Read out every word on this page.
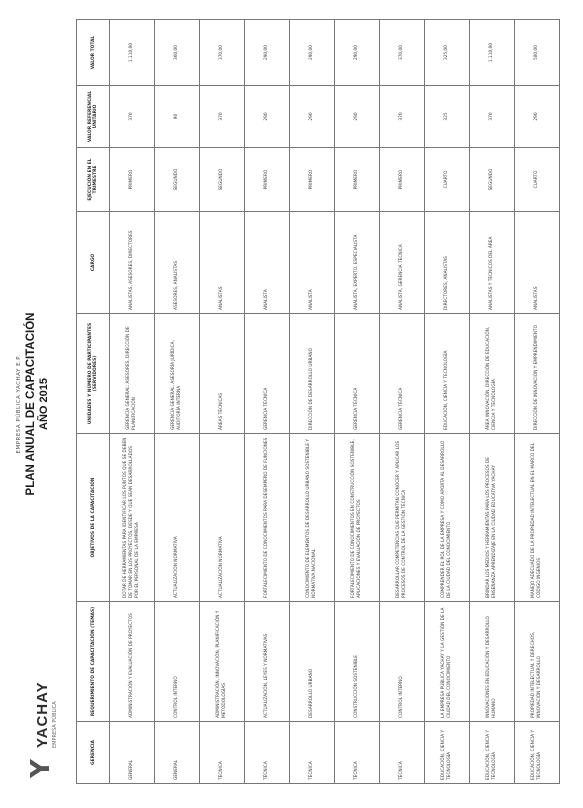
Y
YACHAY EMPRESA PÚBLICA
EMPRESA PÚBLICA YACHAY E.P. PLAN ANUAL DE CAPACITACIÓN AÑO 2015
GERENCIA	REQUERIMIENTO DE CAPACITACIÓN (TEMAS)	OBJETIVOS DE LA CAPACITACIÓN	UNIDADES Y NÚMERO DE PARTICIPANTES (SERVIDORES)	CARGO	EJECUCIÓN EN EL TRIMESTRE	VALOR REFERENCIAL UNITARIO	VALOR TOTAL
GENERAL	ADMINISTRACIÓN Y EVALUACIÓN DE PROYECTOS	DOTAR DE HERRAMIENTAS PARA IDENTIFICAR LOS PUNTOS QUE SE DEBEN DE TOMAR EN LOS PROYECTOS, DESDE Y QUE SEAN DESARROLLADOS POR EL PERSONAL DE LA EMPRESA	GERENCIA GENERAL: ASESORES, DIRECCIÓN DE PLANIFICACIÓN	ANALISTAS, ASESORES, DIRECTORES	PRIMERO	370	1.110,00
GENERAL	CONTROL INTERNO	ACTUALIZACIÓN NORMATIVA	GERENCIA GENERAL, ASESORÍA JURÍDICA, AUDITORÍA INTERNA	ASESORES, ANALISTAS	SEGUNDO	90	360,00
TÉCNICA	ADMINISTRACIÓN, INNOVACIÓN, PLANIFICACIÓN Y METODOLOGÍAS	ACTUALIZACIÓN NORMATIVA	ÁREAS TÉCNICAS	ANALISTAS	SEGUNDO	370	370,00
TÉCNICA	ACTUALIZACIÓN, LEYES Y NORMATIVAS	FORTALECIMIENTO DE CONOCIMIENTOS PARA DESEMPEÑO DE FUNCIONES	GERENCIA TÉCNICA	ANALISTA	PRIMERO	290	290,00
TÉCNICA	DESARROLLO URBANO	CONOCIMIENTO DE ELEMENTOS DE DESARROLLO URBANO SOSTENIBLE Y NORMATIVA NACIONAL	DIRECCIÓN DE DESARROLLO URBANO	ANALISTA	PRIMERO	290	290,00
TÉCNICA	CONSTRUCCIÓN SOSTENIBLE	FORTALECIMIENTO DE CONOCIMIENTOS EN CONSTRUCCIÓN SOSTENIBLE, APLICACIONES Y EVALUACIÓN DE PROYECTOS	GERENCIA TÉCNICA	ANALISTA, EXPERTO, ESPECIALISTA	PRIMERO	290	290,00
TÉCNICA	CONTROL INTERNO	DESARROLLAR COMPETENCIAS QUE PERMITAN CONOCER Y APLICAR LOS PROCESOS DE CONTROL DE LA GESTIÓN TÉCNICA	GERENCIA TÉCNICA	ANALISTA, GERENCIA TÉCNICA	PRIMERO	370	370,00
EDUCACIÓN, CIENCIA Y TECNOLOGÍA	LA EMPRESA PÚBLICA YACHAY Y LA GESTIÓN DE LA CIUDAD DEL CONOCIMIENTO	COMPRENDER EL ROL DE LA EMPRESA Y COMO APORTA AL DESARROLLO DE LA CIUDAD DEL CONOCIMIENTO	EDUCACIÓN, CIENCIA Y TECNOLOGÍA	DIRECTORES, ANALISTAS	CUARTO	325	325,00
EDUCACIÓN, CIENCIA Y TECNOLOGÍA	INNOVACIONES EN EDUCACIÓN Y DESARROLLO HUMANO	BRINDAR LOS MEDIOS Y HERRAMIENTAS PARA LOS PROCESOS DE ENSEÑANZA APRENDIZAJE EN LA CIUDAD EDUCATIVA YACHAY	ÁREA INNOVACIÓN, DIRECCIÓN DE EDUCACIÓN, CIENCIA Y TECNOLOGÍA	ANALISTAS Y TÉCNICOS DEL ÁREA	SEGUNDO	370	1.110,00
EDUCACIÓN, CIENCIA Y TECNOLOGÍA	PROPIEDAD INTELECTUAL Y DERECHOS, INNOVACIÓN Y DESARROLLO	MANEJO ADECUADO DE LA PROPIEDAD INTELECTUAL EN EL MARCO DEL CÓDIGO INGENIOS	DIRECCIÓN DE INNOVACIÓN Y EMPRENDIMIENTO	ANALISTAS	CUARTO	290	580,00
